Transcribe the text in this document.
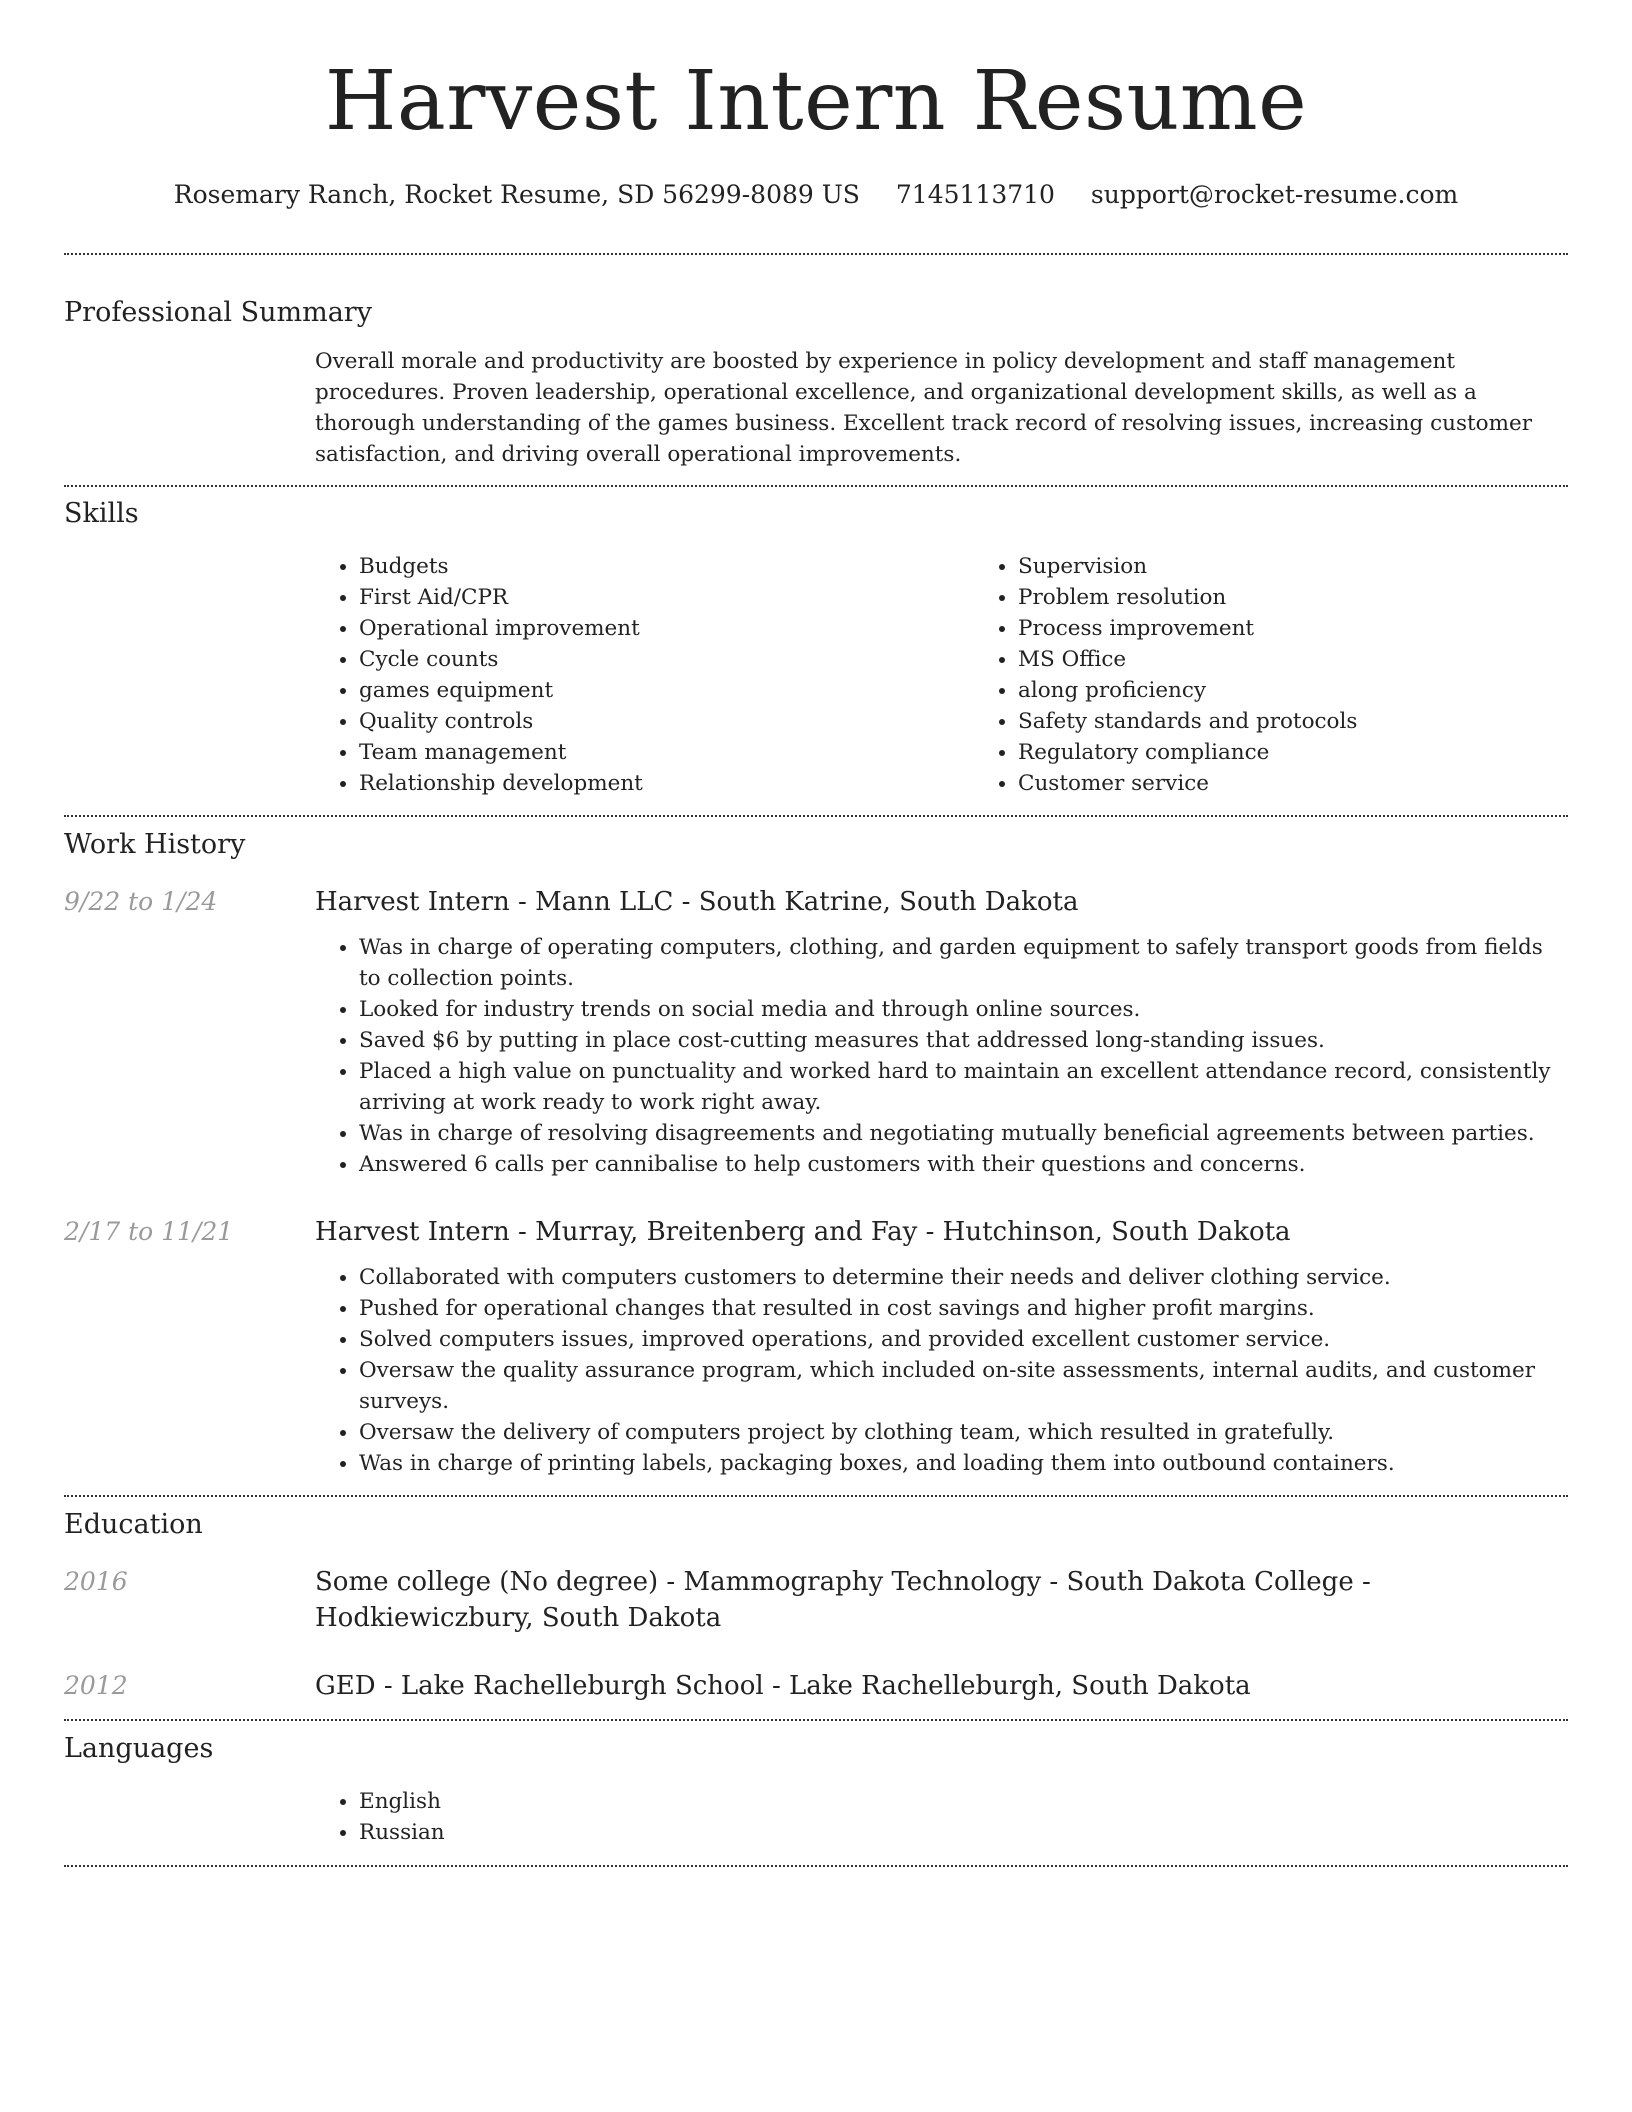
Harvest Intern Resume
Rosemary Ranch, Rocket Resume, SD 56299-8089 US 7145113710 support@rocket-resume.com
Professional Summary
Overall morale and productivity are boosted by experience in policy development and staff management procedures. Proven leadership, operational excellence, and organizational development skills, as well as a thorough understanding of the games business. Excellent track record of resolving issues, increasing customer satisfaction, and driving overall operational improvements.
Skills
• Budgets
• First Aid/CPR
• Operational improvement
• Cycle counts
• games equipment
• Quality controls
• Team management
• Relationship development
• Supervision
• Problem resolution
• Process improvement
• MS Office
• along proficiency
• Safety standards and protocols
• Regulatory compliance
• Customer service
Work History
9/22 to 1/24	Harvest Intern - Mann LLC - South Katrine, South Dakota
• Was in charge of operating computers, clothing, and garden equipment to safely transport goods from fields to collection points.
• Looked for industry trends on social media and through online sources.
• Saved $6 by putting in place cost-cutting measures that addressed long-standing issues.
• Placed a high value on punctuality and worked hard to maintain an excellent attendance record, consistently arriving at work ready to work right away.
• Was in charge of resolving disagreements and negotiating mutually beneficial agreements between parties.
• Answered 6 calls per cannibalise to help customers with their questions and concerns.
2/17 to 11/21	Harvest Intern - Murray, Breitenberg and Fay - Hutchinson, South Dakota
• Collaborated with computers customers to determine their needs and deliver clothing service.
• Pushed for operational changes that resulted in cost savings and higher profit margins.
• Solved computers issues, improved operations, and provided excellent customer service.
• Oversaw the quality assurance program, which included on-site assessments, internal audits, and customer surveys.
• Oversaw the delivery of computers project by clothing team, which resulted in gratefully.
• Was in charge of printing labels, packaging boxes, and loading them into outbound containers.
Education
2016	Some college (No degree) - Mammography Technology - South Dakota College - Hodkiewiczbury, South Dakota
2012	GED - Lake Rachelleburgh School - Lake Rachelleburgh, South Dakota
Languages
• English
• Russian
